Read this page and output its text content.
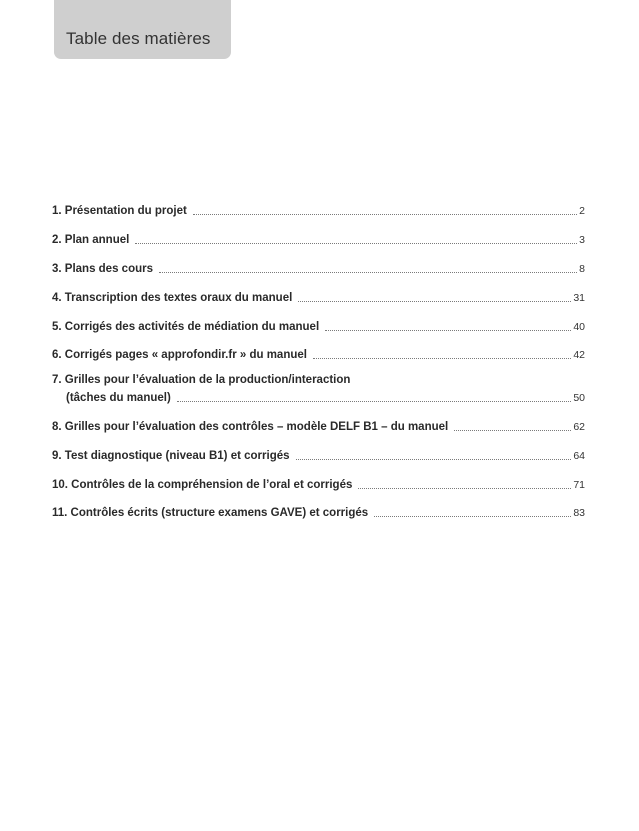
Table des matières
1. Présentation du projet	2
2. Plan annuel	3
3. Plans des cours	8
4. Transcription des textes oraux du manuel	31
5. Corrigés des activités de médiation du manuel	40
6. Corrigés pages « approfondir.fr » du manuel	42
7. Grilles pour l’évaluation de la production/interaction
(tâches du manuel)	50
8. Grilles pour l’évaluation des contrôles – modèle DELF B1 – du manuel	62
9. Test diagnostique (niveau B1) et corrigés	64
10. Contrôles de la compréhension de l’oral et corrigés	71
11. Contrôles écrits (structure examens GAVE) et corrigés	83
